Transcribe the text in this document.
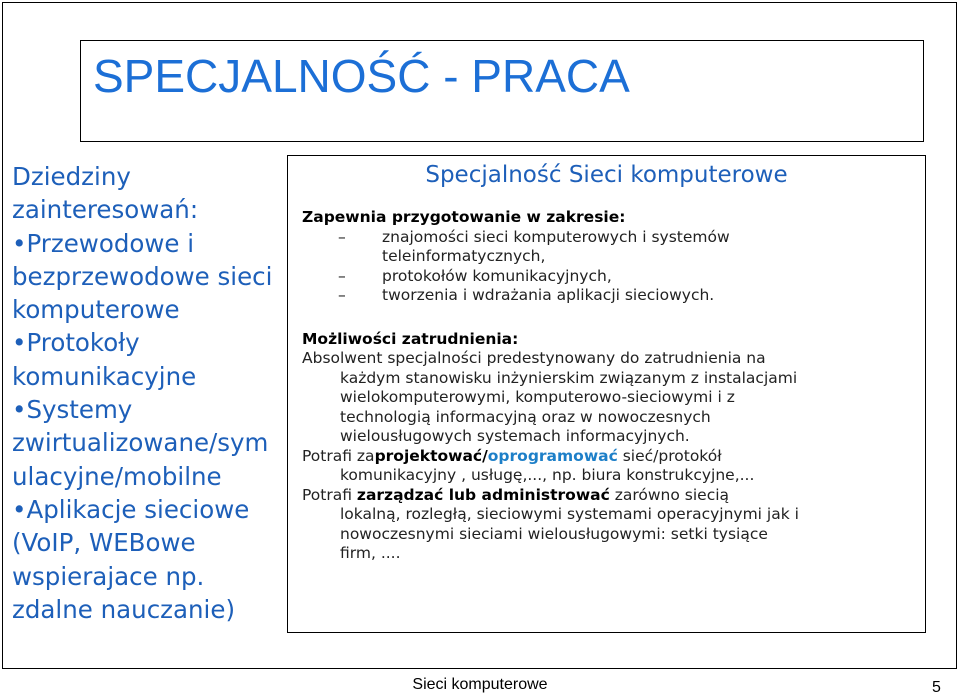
SPECJALNOŚĆ - PRACA
Dziedziny
zainteresowań:
•Przewodowe i
bezprzewodowe sieci
komputerowe
•Protokoły
komunikacyjne
•Systemy
zwirtualizowane/sym
ulacyjne/mobilne
•Aplikacje sieciowe
(VoIP, WEBowe
wspierajace np.
zdalne nauczanie)
Specjalność Sieci komputerowe
Zapewnia przygotowanie w zakresie:
– znajomości sieci komputerowych i systemów
teleinformatycznych,
– protokołów komunikacyjnych,
– tworzenia i wdrażania aplikacji sieciowych.
Możliwości zatrudnienia:
Absolwent specjalności predestynowany do zatrudnienia na
każdym stanowisku inżynierskim związanym z instalacjami
wielokomputerowymi, komputerowo-sieciowymi i z
technologią informacyjną oraz w nowoczesnych
wielousługowych systemach informacyjnych.
Potrafi zaprojektować/oprogramować sieć/protokół
komunikacyjny , usługę,..., np. biura konstrukcyjne,...
Potrafi zarządzać lub administrować zarówno siecią
lokalną, rozległą, sieciowymi systemami operacyjnymi jak i
nowoczesnymi sieciami wielousługowymi: setki tysiące
firm, ....
Sieci komputerowe	5
